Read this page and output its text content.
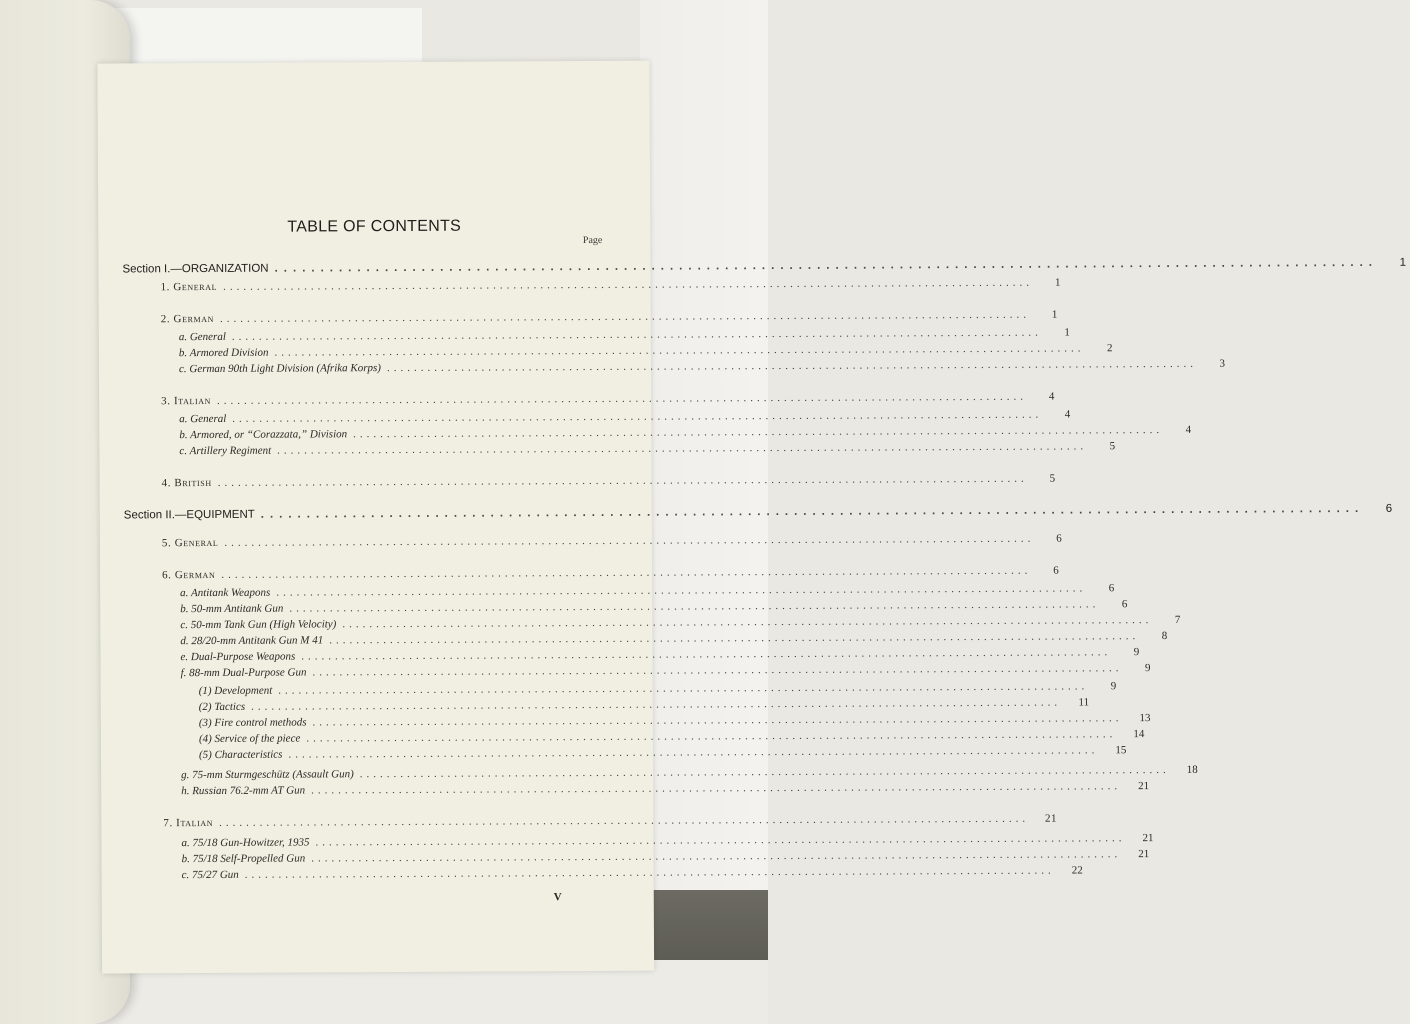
TABLE OF CONTENTS
Page
Section I.—ORGANIZATION ........................................................................................................................	1
1. General ........................................................................................................................	1
2. German ........................................................................................................................	1
a. General ........................................................................................................................	1
b. Armored Division ........................................................................................................................	2
c. German 90th Light Division (Afrika Korps) ........................................................................................................................	3
3. Italian ........................................................................................................................	4
a. General ........................................................................................................................	4
b. Armored, or “Corazzata,” Division ........................................................................................................................	4
c. Artillery Regiment ........................................................................................................................	5
4. British ........................................................................................................................	5
Section II.—EQUIPMENT ........................................................................................................................	6
5. General ........................................................................................................................	6
6. German ........................................................................................................................	6
a. Antitank Weapons ........................................................................................................................	6
b. 50-mm Antitank Gun ........................................................................................................................	6
c. 50-mm Tank Gun (High Velocity) ........................................................................................................................	7
d. 28/20-mm Antitank Gun M 41 ........................................................................................................................	8
e. Dual-Purpose Weapons ........................................................................................................................	9
f. 88-mm Dual-Purpose Gun ........................................................................................................................	9
(1) Development ........................................................................................................................	9
(2) Tactics ........................................................................................................................	11
(3) Fire control methods ........................................................................................................................	13
(4) Service of the piece ........................................................................................................................	14
(5) Characteristics ........................................................................................................................	15
g. 75-mm Sturmgeschütz (Assault Gun) ........................................................................................................................	18
h. Russian 76.2-mm AT Gun ........................................................................................................................	21
7. Italian ........................................................................................................................	21
a. 75/18 Gun-Howitzer, 1935 ........................................................................................................................	21
b. 75/18 Self-Propelled Gun ........................................................................................................................	21
c. 75/27 Gun ........................................................................................................................	22
V
